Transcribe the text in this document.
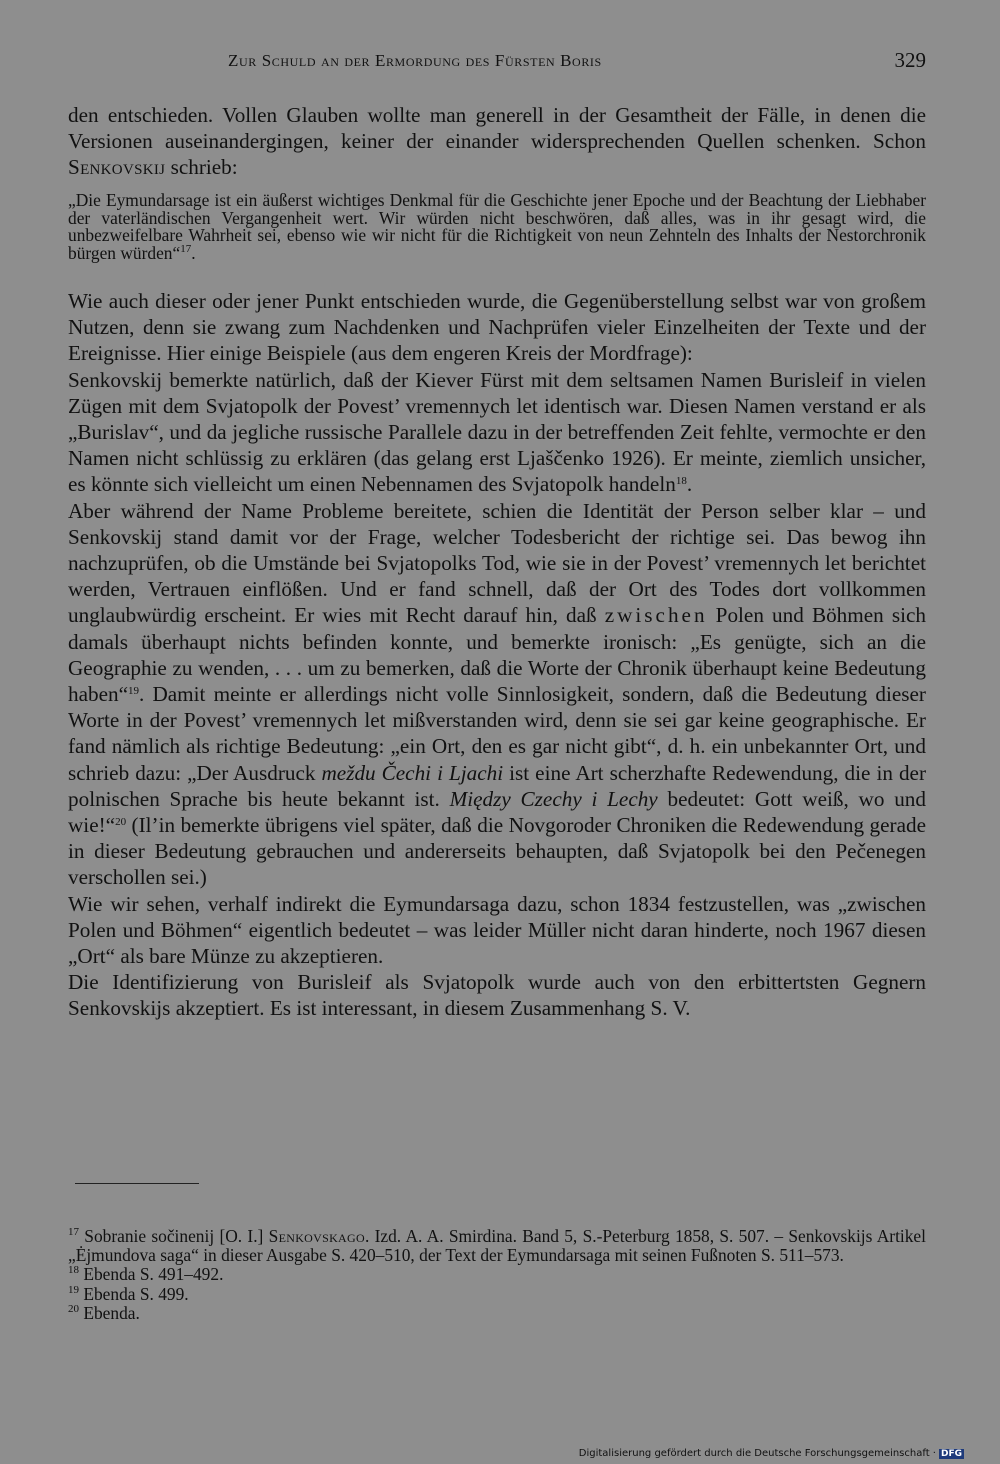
Zur Schuld an der Ermordung des Fürsten Boris	329

den entschieden. Vollen Glauben wollte man generell in der Gesamtheit der Fälle, in denen die Versionen auseinandergingen, keiner der einander widersprechenden Quellen schenken. Schon Senkovskij schrieb:

„Die Eymundarsage ist ein äußerst wichtiges Denkmal für die Geschichte jener Epoche und der Beachtung der Liebhaber der vaterländischen Vergangenheit wert. Wir würden nicht beschwören, daß alles, was in ihr gesagt wird, die unbezweifelbare Wahrheit sei, ebenso wie wir nicht für die Richtigkeit von neun Zehnteln des Inhalts der Nestorchronik bürgen würden“$^{17}$.

Wie auch dieser oder jener Punkt entschieden wurde, die Gegenüberstellung selbst war von großem Nutzen, denn sie zwang zum Nachdenken und Nachprüfen vieler Einzelheiten der Texte und der Ereignisse. Hier einige Beispiele (aus dem engeren Kreis der Mordfrage):

Senkovskij bemerkte natürlich, daß der Kiever Fürst mit dem seltsamen Namen Burisleif in vielen Zügen mit dem Svjatopolk der Povest’ vremennych let identisch war. Diesen Namen verstand er als „Burislav“, und da jegliche russische Parallele dazu in der betreffenden Zeit fehlte, vermochte er den Namen nicht schlüssig zu erklären (das gelang erst Ljaščenko 1926). Er meinte, ziemlich unsicher, es könnte sich vielleicht um einen Nebennamen des Svjatopolk handeln$^{18}$.

Aber während der Name Probleme bereitete, schien die Identität der Person selber klar – und Senkovskij stand damit vor der Frage, welcher Todesbericht der richtige sei. Das bewog ihn nachzuprüfen, ob die Umstände bei Svjatopolks Tod, wie sie in der Povest’ vremennych let berichtet werden, Vertrauen einflößen. Und er fand schnell, daß der Ort des Todes dort vollkommen unglaubwürdig erscheint. Er wies mit Recht darauf hin, daß zwischen Polen und Böhmen sich damals überhaupt nichts befinden konnte, und bemerkte ironisch: „Es genügte, sich an die Geographie zu wenden, . . . um zu bemerken, daß die Worte der Chronik überhaupt keine Bedeutung haben“$^{19}$. Damit meinte er allerdings nicht volle Sinnlosigkeit, sondern, daß die Bedeutung dieser Worte in der Povest’ vremennych let mißverstanden wird, denn sie sei gar keine geographische. Er fand nämlich als richtige Bedeutung: „ein Ort, den es gar nicht gibt“, d. h. ein unbekannter Ort, und schrieb dazu: „Der Ausdruck meždu Čechi i Ljachi ist eine Art scherzhafte Redewendung, die in der polnischen Sprache bis heute bekannt ist. Między Czechy i Lechy bedeutet: Gott weiß, wo und wie!“$^{20}$ (Il’in bemerkte übrigens viel später, daß die Novgoroder Chroniken die Redewendung gerade in dieser Bedeutung gebrauchen und andererseits behaupten, daß Svjatopolk bei den Pečenegen verschollen sei.)

Wie wir sehen, verhalf indirekt die Eymundarsaga dazu, schon 1834 festzustellen, was „zwischen Polen und Böhmen“ eigentlich bedeutet – was leider Müller nicht daran hinderte, noch 1967 diesen „Ort“ als bare Münze zu akzeptieren.

Die Identifizierung von Burisleif als Svjatopolk wurde auch von den erbittertsten Gegnern Senkovskijs akzeptiert. Es ist interessant, in diesem Zusammenhang S. V.

$^{17}$ Sobranie sočinenij [O. I.] Senkovskago. Izd. A. A. Smirdina. Band 5, S.-Peterburg 1858, S. 507. – Senkovskijs Artikel „Ėjmundova saga“ in dieser Ausgabe S. 420–510, der Text der Eymundarsaga mit seinen Fußnoten S. 511–573.

$^{18}$ Ebenda S. 491–492.

$^{19}$ Ebenda S. 499.

$^{20}$ Ebenda.

Digitalisierung gefördert durch die Deutsche Forschungsgemeinschaft · DFG
